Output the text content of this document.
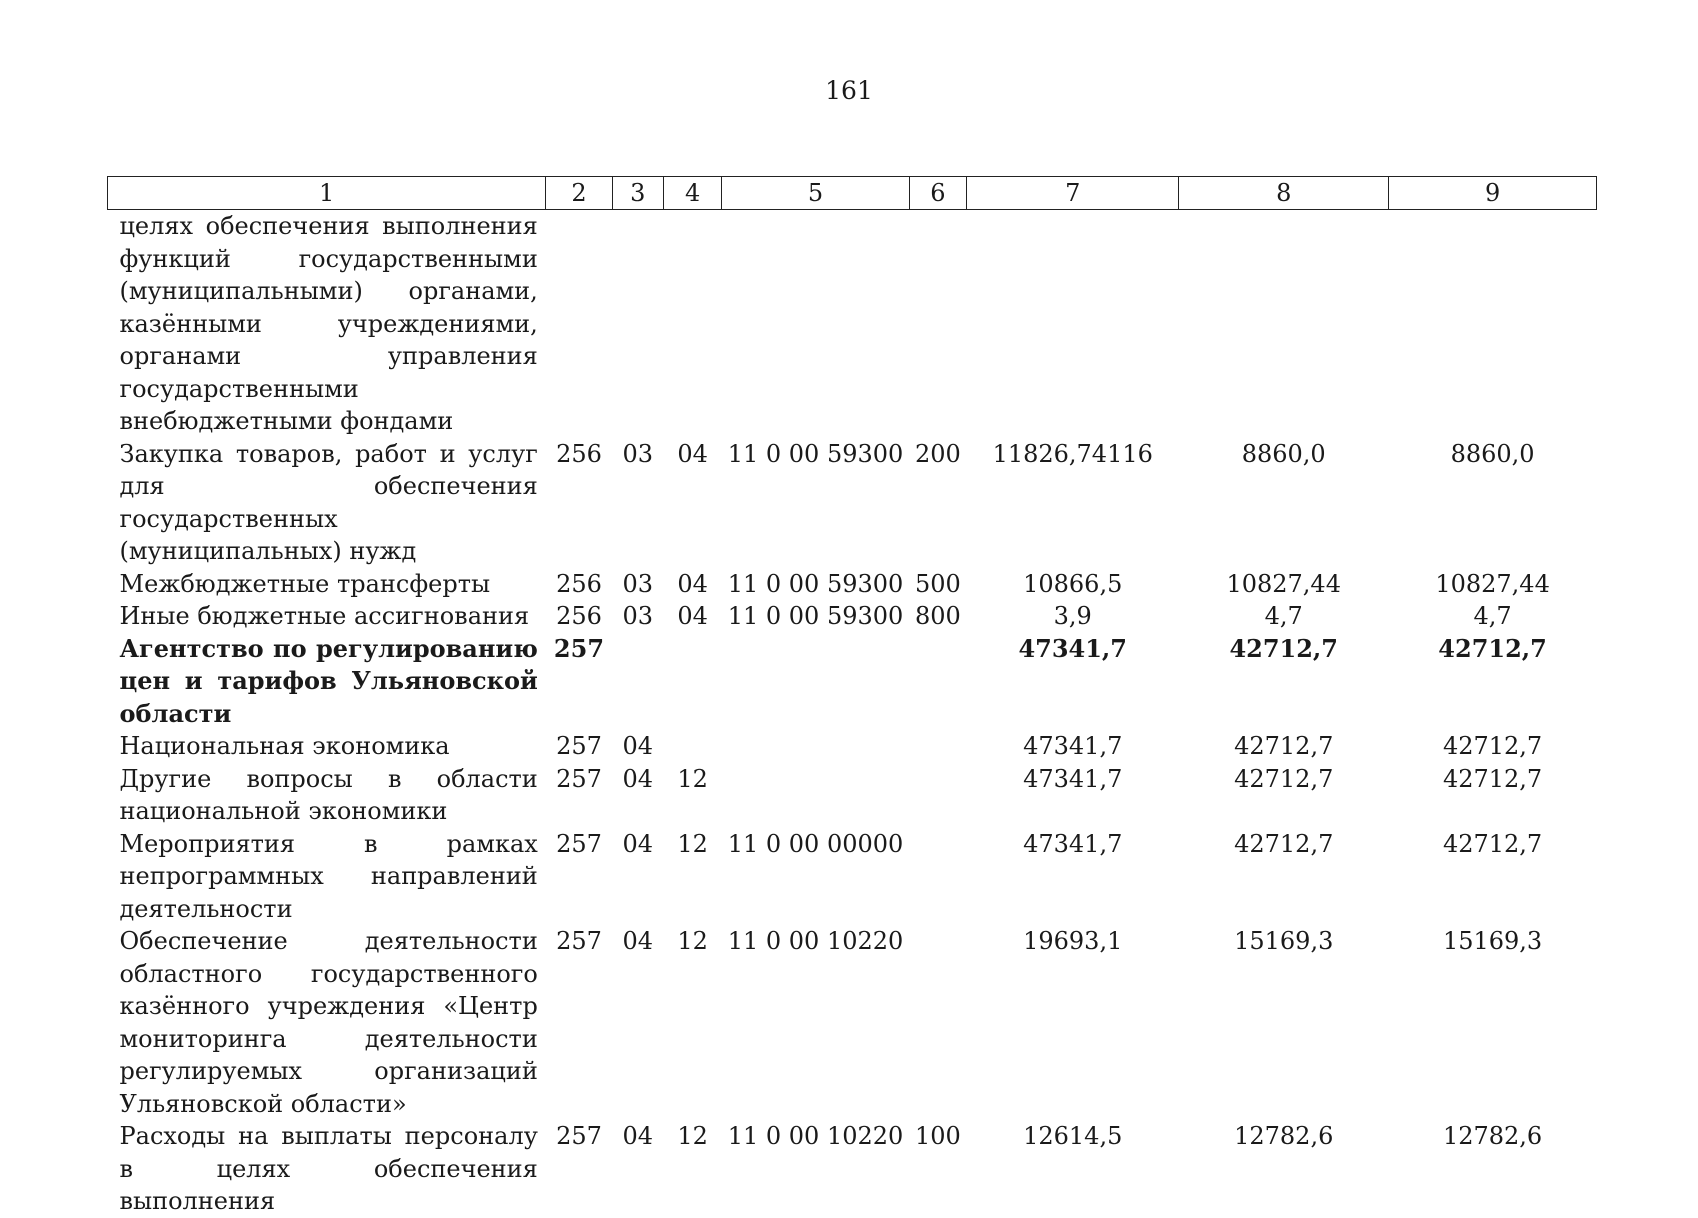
161
1	2	3	4	5	6	7	8	9
целях обеспечения выполнения функций государственными (муниципальными) органами, казёнными учреждениями, органами управления государственными внебюджетными фондами								
Закупка товаров, работ и услуг для обеспечения государственных (муниципальных) нужд	256	03	04	11 0 00 59300	200	11826,74116	8860,0	8860,0
Межбюджетные трансферты	256	03	04	11 0 00 59300	500	10866,5	10827,44	10827,44
Иные бюджетные ассигнования	256	03	04	11 0 00 59300	800	3,9	4,7	4,7
Агентство по регулированию цен и тарифов Ульяновской области	257					47341,7	42712,7	42712,7
Национальная экономика	257	04				47341,7	42712,7	42712,7
Другие вопросы в области национальной экономики	257	04	12			47341,7	42712,7	42712,7
Мероприятия в рамках непрограммных направлений деятельности	257	04	12	11 0 00 00000		47341,7	42712,7	42712,7
Обеспечение деятельности областного государственного казённого учреждения «Центр мониторинга деятельности регулируемых организаций Ульяновской области»	257	04	12	11 0 00 10220		19693,1	15169,3	15169,3
Расходы на выплаты персоналу в целях обеспечения выполнения	257	04	12	11 0 00 10220	100	12614,5	12782,6	12782,6
